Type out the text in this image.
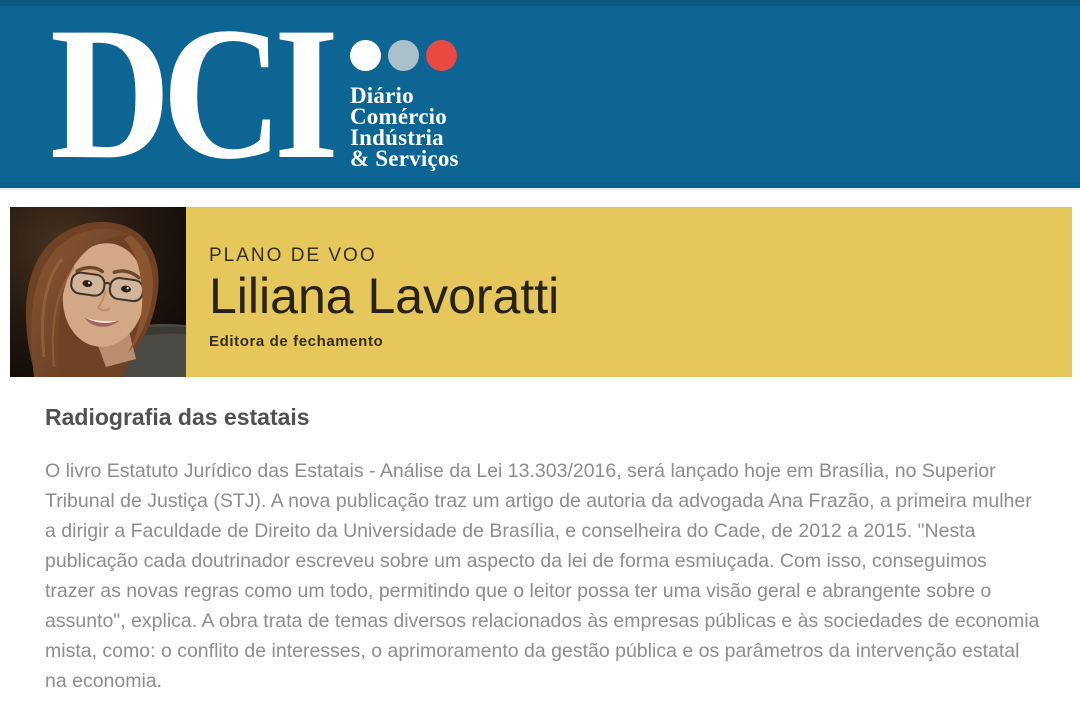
DCI Diário
Comércio
Indústria
& Serviços
PLANO DE VOO
Liliana Lavoratti
Editora de fechamento
Radiografia das estatais

O livro Estatuto Jurídico das Estatais - Análise da Lei 13.303/2016, será lançado hoje em Brasília, no Superior Tribunal de Justiça (STJ). A nova publicação traz um artigo de autoria da advogada Ana Frazão, a primeira mulher a dirigir a Faculdade de Direito da Universidade de Brasília, e conselheira do Cade, de 2012 a 2015. "Nesta publicação cada doutrinador escreveu sobre um aspecto da lei de forma esmiuçada. Com isso, conseguimos trazer as novas regras como um todo, permitindo que o leitor possa ter uma visão geral e abrangente sobre o assunto", explica. A obra trata de temas diversos relacionados às empresas públicas e às sociedades de economia mista, como: o conflito de interesses, o aprimoramento da gestão pública e os parâmetros da intervenção estatal na economia.
